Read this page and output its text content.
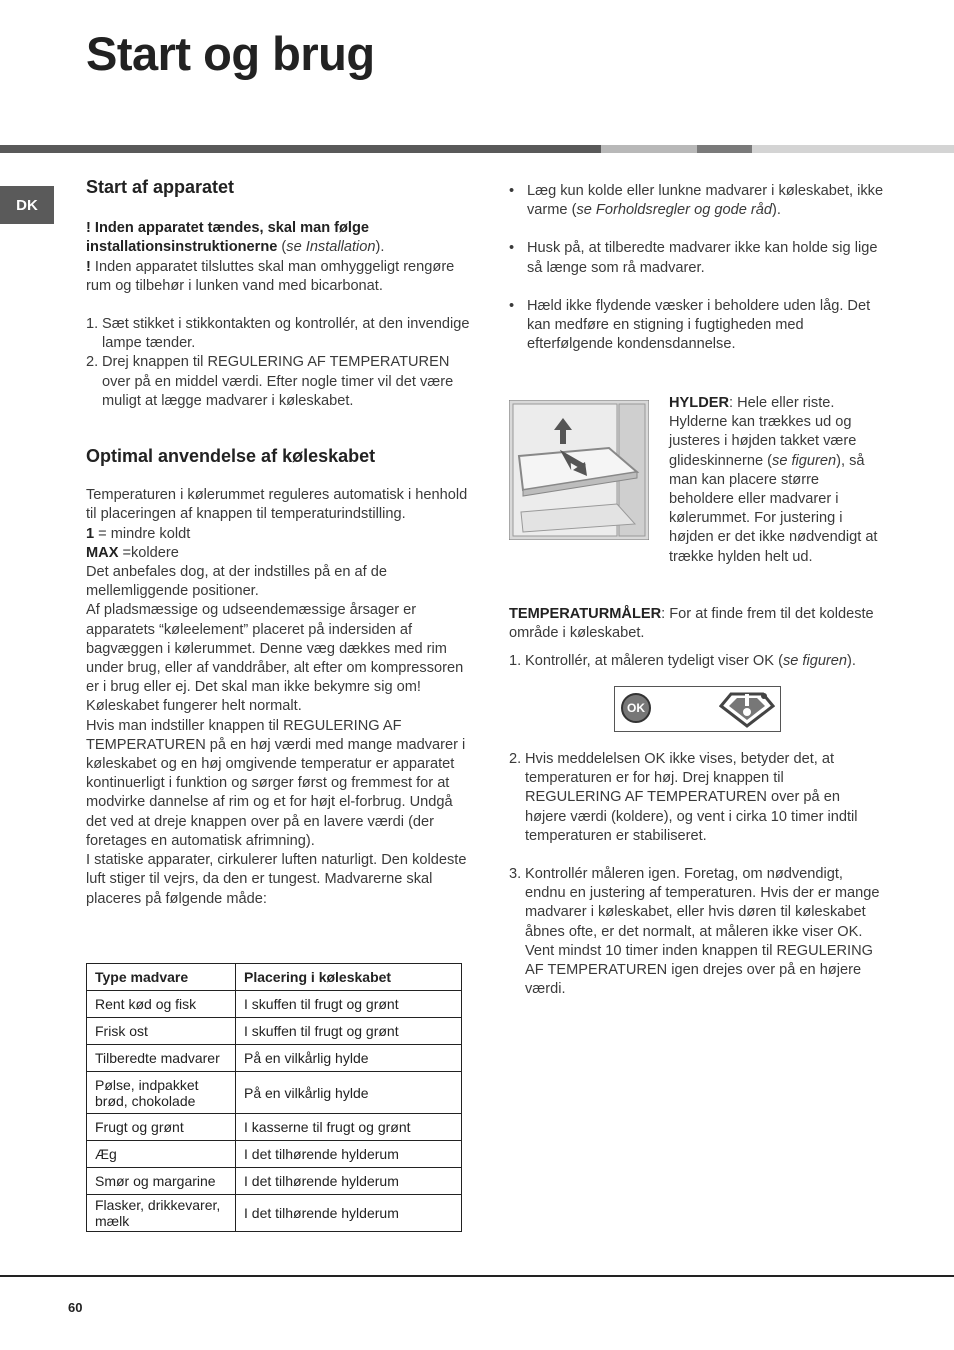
Start og brug
DK
Start af apparatet

! Inden apparatet tændes, skal man følge installationsinstruktionerne (se Installation).

! Inden apparatet tilsluttes skal man omhyggeligt rengøre rum og tilbehør i lunken vand med bicarbonat.

1. Sæt stikket i stikkontakten og kontrollér, at den invendige lampe tænder.
2. Drej knappen til REGULERING AF TEMPERATUREN over på en middel værdi. Efter nogle timer vil det være muligt at lægge madvarer i køleskabet.
Optimal anvendelse af køleskabet

Temperaturen i kølerummet reguleres automatisk i henhold til placeringen af knappen til temperaturindstilling.

1 = mindre koldt

MAX =koldere

Det anbefales dog, at der indstilles på en af de mellemliggende positioner.

Af pladsmæssige og udseendemæssige årsager er apparatets “køleelement” placeret på indersiden af bagvæggen i kølerummet. Denne væg dækkes med rim under brug, eller af vanddråber, alt efter om kompressoren er i brug eller ej. Det skal man ikke bekymre sig om! Køleskabet fungerer helt normalt.

Hvis man indstiller knappen til REGULERING AF TEMPERATUREN på en høj værdi med mange madvarer i køleskabet og en høj omgivende temperatur er apparatet kontinuerligt i funktion og sørger først og fremmest for at modvirke dannelse af rim og et for højt el-forbrug. Undgå det ved at dreje knappen over på en lavere værdi (der foretages en automatisk afrimning).

I statiske apparater, cirkulerer luften naturligt. Den koldeste luft stiger til vejrs, da den er tungest. Madvarerne skal placeres på følgende måde:

Type madvare	Placering i køleskabet
Rent kød og fisk	I skuffen til frugt og grønt
Frisk ost	I skuffen til frugt og grønt
Tilberedte madvarer	På en vilkårlig hylde
Pølse, indpakket brød, chokolade	På en vilkårlig hylde
Frugt og grønt	I kasserne til frugt og grønt
Æg	I det tilhørende hylderum
Smør og margarine	I det tilhørende hylderum
Flasker, drikkevarer, mælk	I det tilhørende hylderum
• Læg kun kolde eller lunkne madvarer i køleskabet, ikke varme (se Forholdsregler og gode råd).
• Husk på, at tilberedte madvarer ikke kan holde sig lige så længe som rå madvarer.
• Hæld ikke flydende væsker i beholdere uden låg. Det kan medføre en stigning i fugtigheden med efterfølgende kondensdannelse.

HYLDER: Hele eller riste. Hylderne kan trækkes ud og justeres i højden takket være glideskinnerne (se figuren), så man kan placere større beholdere eller madvarer i kølerummet. For justering i højden er det ikke nødvendigt at trække hylden helt ud.

TEMPERATURMÅLER: For at finde frem til det koldeste område i køleskabet.

1. Kontrollér, at måleren tydeligt viser OK (se figuren).
OK
2. Hvis meddelelsen OK ikke vises, betyder det, at temperaturen er for høj. Drej knappen til REGULERING AF TEMPERATUREN over på en højere værdi (koldere), og vent i cirka 10 timer indtil temperaturen er stabiliseret.
3. Kontrollér måleren igen. Foretag, om nødvendigt, endnu en justering af temperaturen. Hvis der er mange madvarer i køleskabet, eller hvis døren til køleskabet åbnes ofte, er det normalt, at måleren ikke viser OK. Vent mindst 10 timer inden knappen til REGULERING AF TEMPERATUREN igen drejes over på en højere værdi.
60
